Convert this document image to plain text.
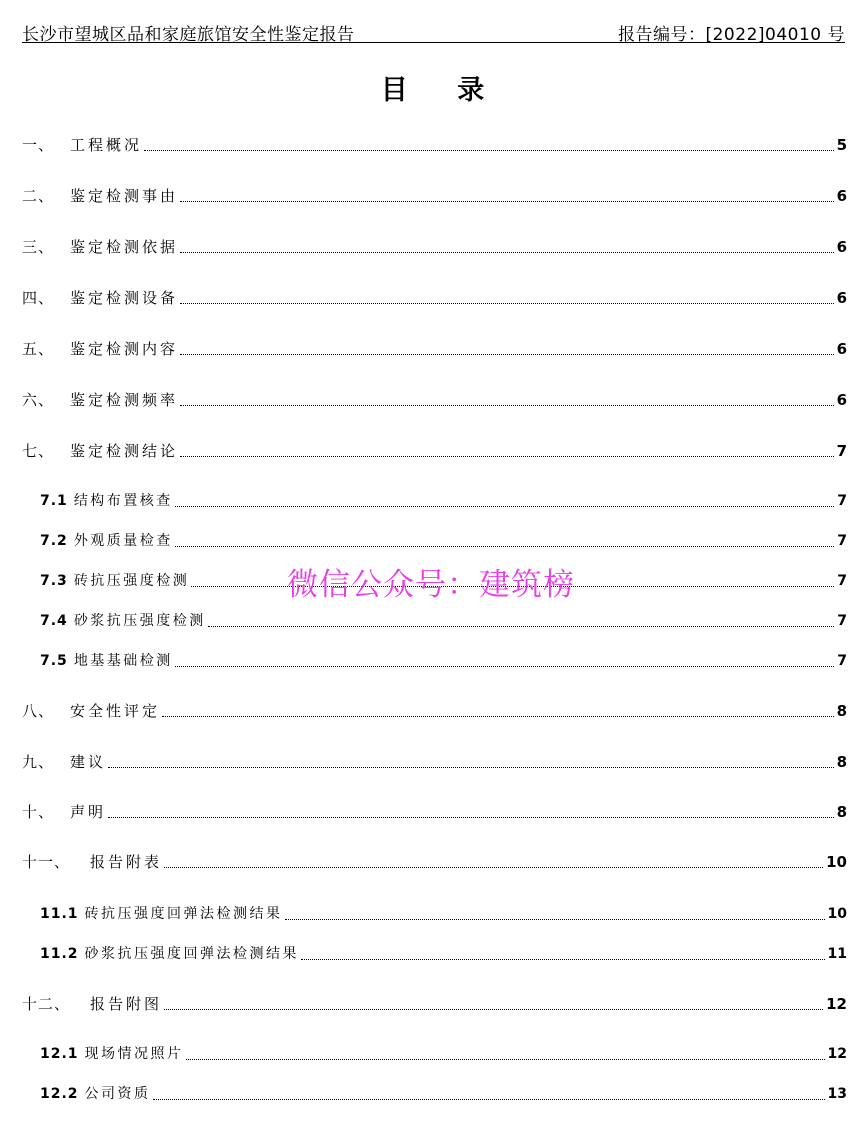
长沙市望城区品和家庭旅馆安全性鉴定报告	报告编号：[2022]04010 号
目 录
一、	工程概况	5
二、	鉴定检测事由	6
三、	鉴定检测依据	6
四、	鉴定检测设备	6
五、	鉴定检测内容	6
六、	鉴定检测频率	6
七、	鉴定检测结论	7
7.1 结构布置核查	7
7.2 外观质量检查	7
7.3 砖抗压强度检测	7
7.4 砂浆抗压强度检测	7
7.5 地基基础检测	7
八、	安全性评定	8
九、	建议	8
十、	声明	8
十一、	报告附表	10
11.1 砖抗压强度回弹法检测结果	10
11.2 砂浆抗压强度回弹法检测结果	11
十二、	报告附图	12
12.1 现场情况照片	12
12.2 公司资质	13
微信公众号：建筑榜
